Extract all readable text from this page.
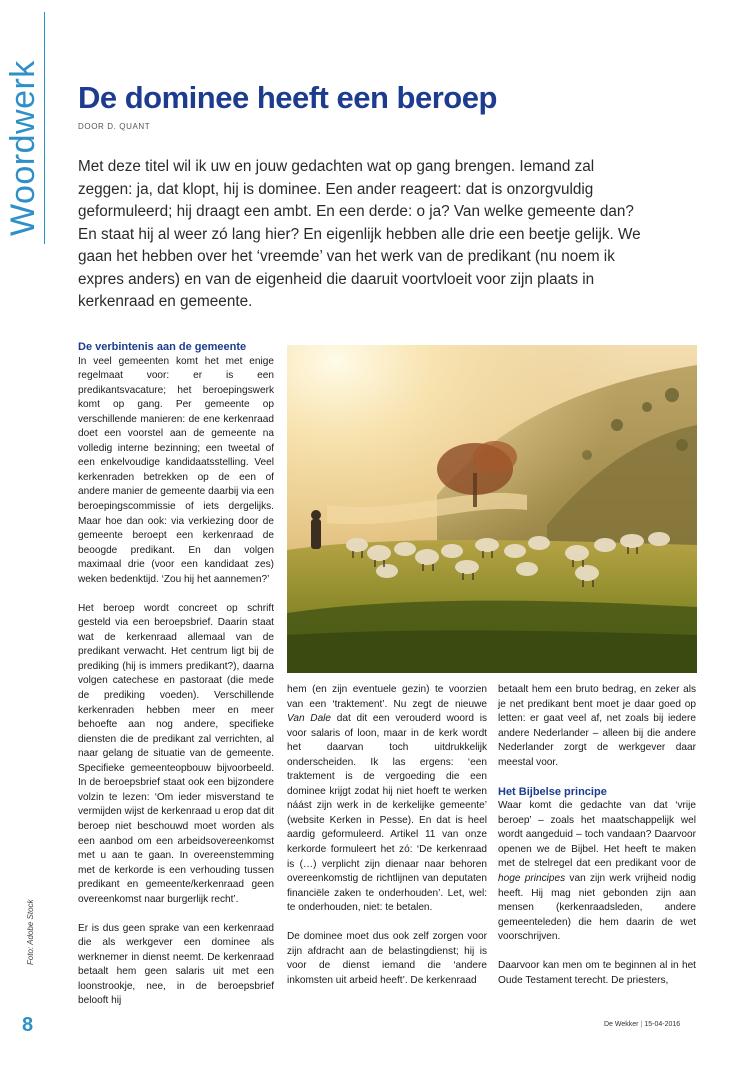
Woordwerk De dominee heeft een beroep
DOOR D. QUANT

Met deze titel wil ik uw en jouw gedachten wat op gang brengen. Iemand zal zeggen: ja, dat klopt, hij is dominee. Een ander reageert: dat is onzorgvuldig geformuleerd; hij draagt een ambt. En een derde: o ja? Van welke gemeente dan? En staat hij al weer zó lang hier? En eigenlijk hebben alle drie een beetje gelijk. We gaan het hebben over het ‘vreemde’ van het werk van de predikant (nu noem ik expres anders) en van de eigenheid die daaruit voortvloeit voor zijn plaats in kerkenraad en gemeente.

De verbintenis aan de gemeente

In veel gemeenten komt het met enige regelmaat voor: er is een predikantsvacature; het beroepingswerk komt op gang. Per gemeente op verschillende manieren: de ene kerkenraad doet een voorstel aan de gemeente na volledig interne bezinning; een tweetal of een enkelvoudige kandidaatsstelling. Veel kerkenraden betrekken op de een of andere manier de gemeente daarbij via een beroepingscommissie of iets dergelijks. Maar hoe dan ook: via verkiezing door de gemeente beroept een kerkenraad de beoogde predikant. En dan volgen maximaal drie (voor een kandidaat zes) weken bedenktijd. ‘Zou hij het aannemen?’

Het beroep wordt concreet op schrift gesteld via een beroepsbrief. Daarin staat wat de kerkenraad allemaal van de predikant verwacht. Het centrum ligt bij de prediking (hij is immers predikant?), daarna volgen catechese en pastoraat (die mede de prediking voeden). Verschillende kerkenraden hebben meer en meer behoefte aan nog andere, specifieke diensten die de predikant zal verrichten, al naar gelang de situatie van de gemeente. Specifieke gemeenteopbouw bijvoorbeeld. In de beroepsbrief staat ook een bijzondere volzin te lezen: ‘Om ieder misverstand te vermijden wijst de kerkenraad u erop dat dit beroep niet beschouwd moet worden als een aanbod om een arbeidsovereenkomst met u aan te gaan. In overeenstemming met de kerkorde is een verhouding tussen predikant en gemeente/kerkenraad geen overeenkomst naar burgerlijk recht’.

Er is dus geen sprake van een kerkenraad die als werkgever een dominee als werknemer in dienst neemt. De kerkenraad betaalt hem geen salaris uit met een loonstrookje, nee, in de beroepsbrief belooft hij

hem (en zijn eventuele gezin) te voorzien van een ‘traktement’. Nu zegt de nieuwe Van Dale dat dit een verouderd woord is voor salaris of loon, maar in de kerk wordt het daarvan toch uitdrukkelijk onderscheiden. Ik las ergens: ‘een traktement is de vergoeding die een dominee krijgt zodat hij niet hoeft te werken náást zijn werk in de kerkelijke gemeente’ (website Kerken in Pesse). En dat is heel aardig geformuleerd. Artikel 11 van onze kerkorde formuleert het zó: ‘De kerkenraad is (…) verplicht zijn dienaar naar behoren overeenkomstig de richtlijnen van deputaten financiële zaken te onderhouden’. Let, wel: te onderhouden, niet: te betalen.

De dominee moet dus ook zelf zorgen voor zijn afdracht aan de belastingdienst; hij is voor de dienst iemand die ‘andere inkomsten uit arbeid heeft’. De kerkenraad

betaalt hem een bruto bedrag, en zeker als je net predikant bent moet je daar goed op letten: er gaat veel af, net zoals bij iedere andere Nederlander – alleen bij die andere Nederlander zorgt de werkgever daar meestal voor.

Het Bijbelse principe

Waar komt die gedachte van dat ‘vrije beroep’ – zoals het maatschappelijk wel wordt aangeduid – toch vandaan? Daarvoor openen we de Bijbel. Het heeft te maken met de stelregel dat een predikant voor de hoge principes van zijn werk vrijheid nodig heeft. Hij mag niet gebonden zijn aan mensen (kerkenraadsleden, andere gemeenteleden) die hem daarin de wet voorschrijven.

Daarvoor kan men om te beginnen al in het Oude Testament terecht. De priesters,

Foto: Adobe Stock
8	De Wekker | 15-04-2016
